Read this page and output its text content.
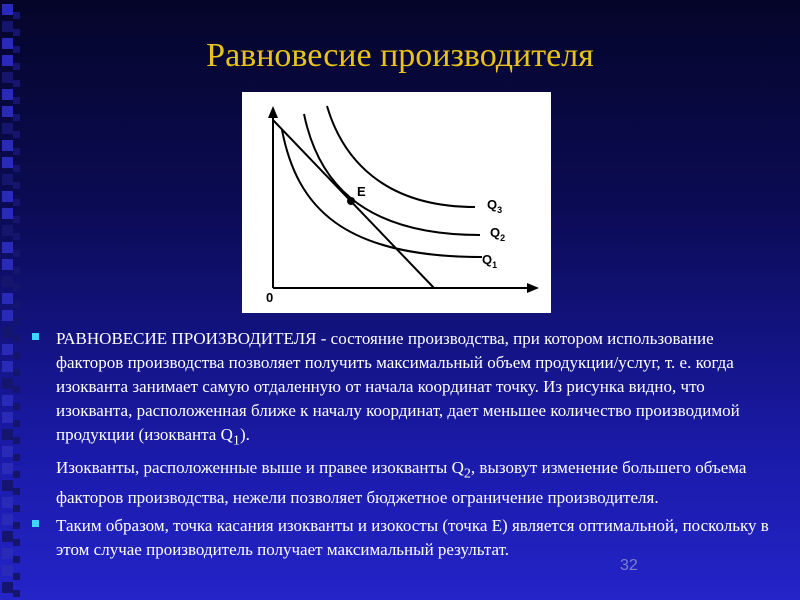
Равновесие производителя
E
$Q_3$
$Q_2$
$Q_1$
0
РАВНОВЕСИЕ ПРОИЗВОДИТЕЛЯ - состояние производства, при котором использование факторов производства позволяет получить максимальный объем продукции/услуг, т. е. когда изокванта занимает самую отдаленную от начала координат точку. Из рисунка видно, что изокванта, расположенная ближе к началу координат, дает меньшее количество производимой продукции (изокванта $Q_1$).
Изокванты, расположенные выше и правее изокванты $Q_2$, вызовут изменение большего объема факторов производства, нежели позволяет бюджетное ограничение производителя.
Таким образом, точка касания изокванты и изокосты (точка Е) является оптимальной, поскольку в этом случае производитель получает максимальный результат.
32
